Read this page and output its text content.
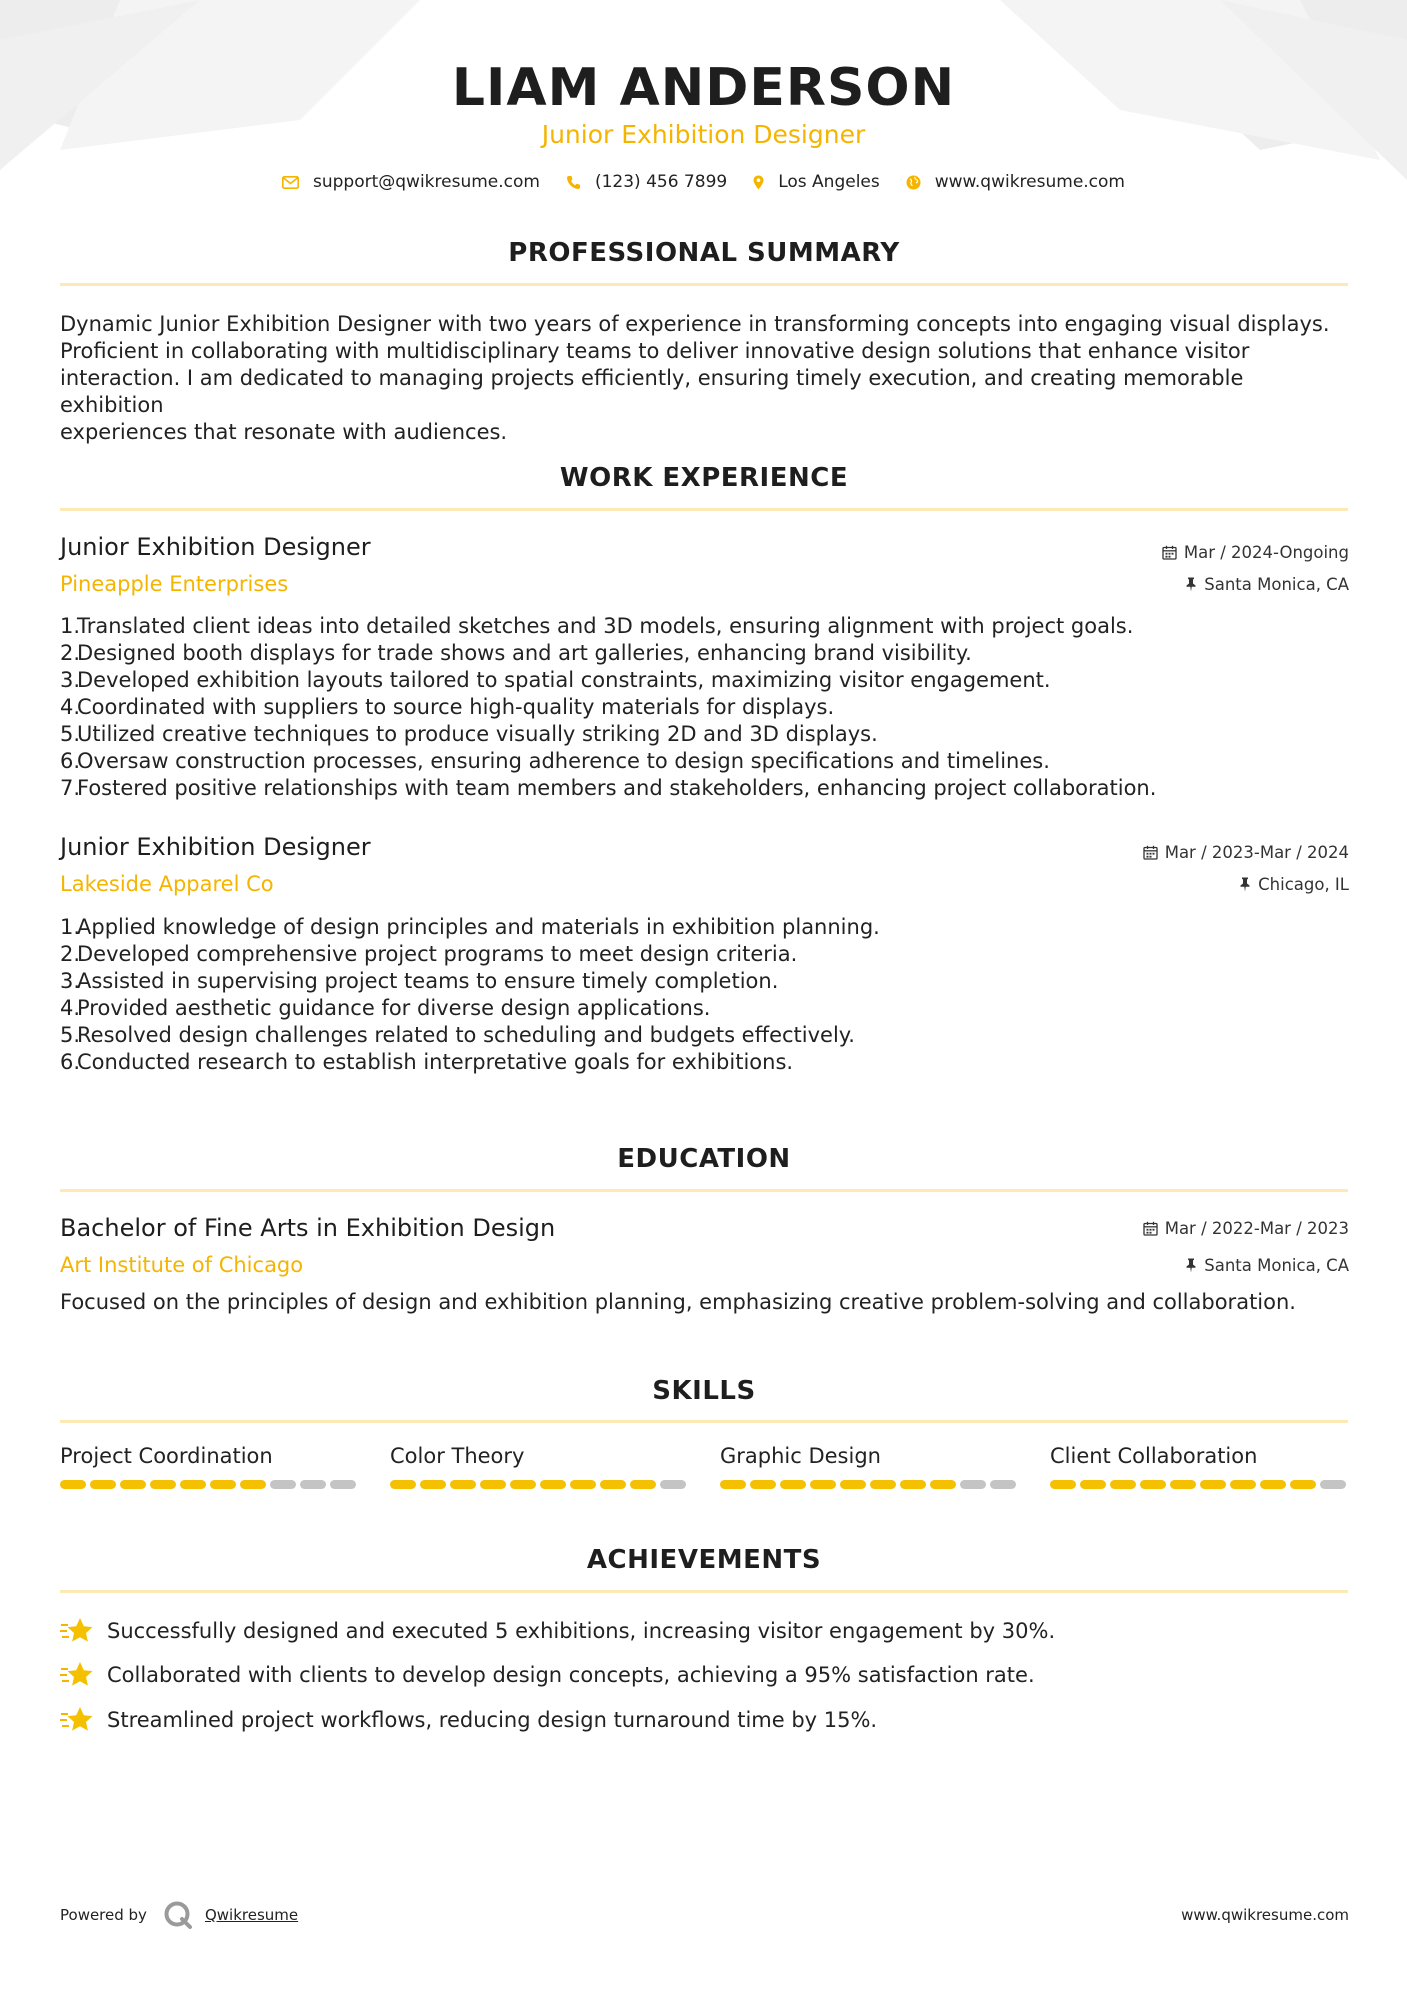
LIAM ANDERSON
Junior Exhibition Designer
support@qwikresume.com	(123) 456 7899	Los Angeles	www.qwikresume.com
PROFESSIONAL SUMMARY
Dynamic Junior Exhibition Designer with two years of experience in transforming concepts into engaging visual displays.
Proficient in collaborating with multidisciplinary teams to deliver innovative design solutions that enhance visitor
interaction. I am dedicated to managing projects efficiently, ensuring timely execution, and creating memorable exhibition
experiences that resonate with audiences.
WORK EXPERIENCE
Junior Exhibition Designer	Mar / 2024-Ongoing
Pineapple Enterprises	Santa Monica, CA
1.
Translated client ideas into detailed sketches and 3D models, ensuring alignment with project goals.
2.
Designed booth displays for trade shows and art galleries, enhancing brand visibility.
3.
Developed exhibition layouts tailored to spatial constraints, maximizing visitor engagement.
4.
Coordinated with suppliers to source high-quality materials for displays.
5.
Utilized creative techniques to produce visually striking 2D and 3D displays.
6.
Oversaw construction processes, ensuring adherence to design specifications and timelines.
7.
Fostered positive relationships with team members and stakeholders, enhancing project collaboration.
Junior Exhibition Designer	Mar / 2023-Mar / 2024
Lakeside Apparel Co	Chicago, IL
1.
Applied knowledge of design principles and materials in exhibition planning.
2.
Developed comprehensive project programs to meet design criteria.
3.
Assisted in supervising project teams to ensure timely completion.
4.
Provided aesthetic guidance for diverse design applications.
5.
Resolved design challenges related to scheduling and budgets effectively.
6.
Conducted research to establish interpretative goals for exhibitions.
EDUCATION
Bachelor of Fine Arts in Exhibition Design	Mar / 2022-Mar / 2023
Art Institute of Chicago	Santa Monica, CA
Focused on the principles of design and exhibition planning, emphasizing creative problem-solving and collaboration.
SKILLS
Project Coordination	Color Theory	Graphic Design	Client Collaboration
ACHIEVEMENTS
Successfully designed and executed 5 exhibitions, increasing visitor engagement by 30%.
Collaborated with clients to develop design concepts, achieving a 95% satisfaction rate.
Streamlined project workflows, reducing design turnaround time by 15%.
Powered by	Qwikresume	www.qwikresume.com
